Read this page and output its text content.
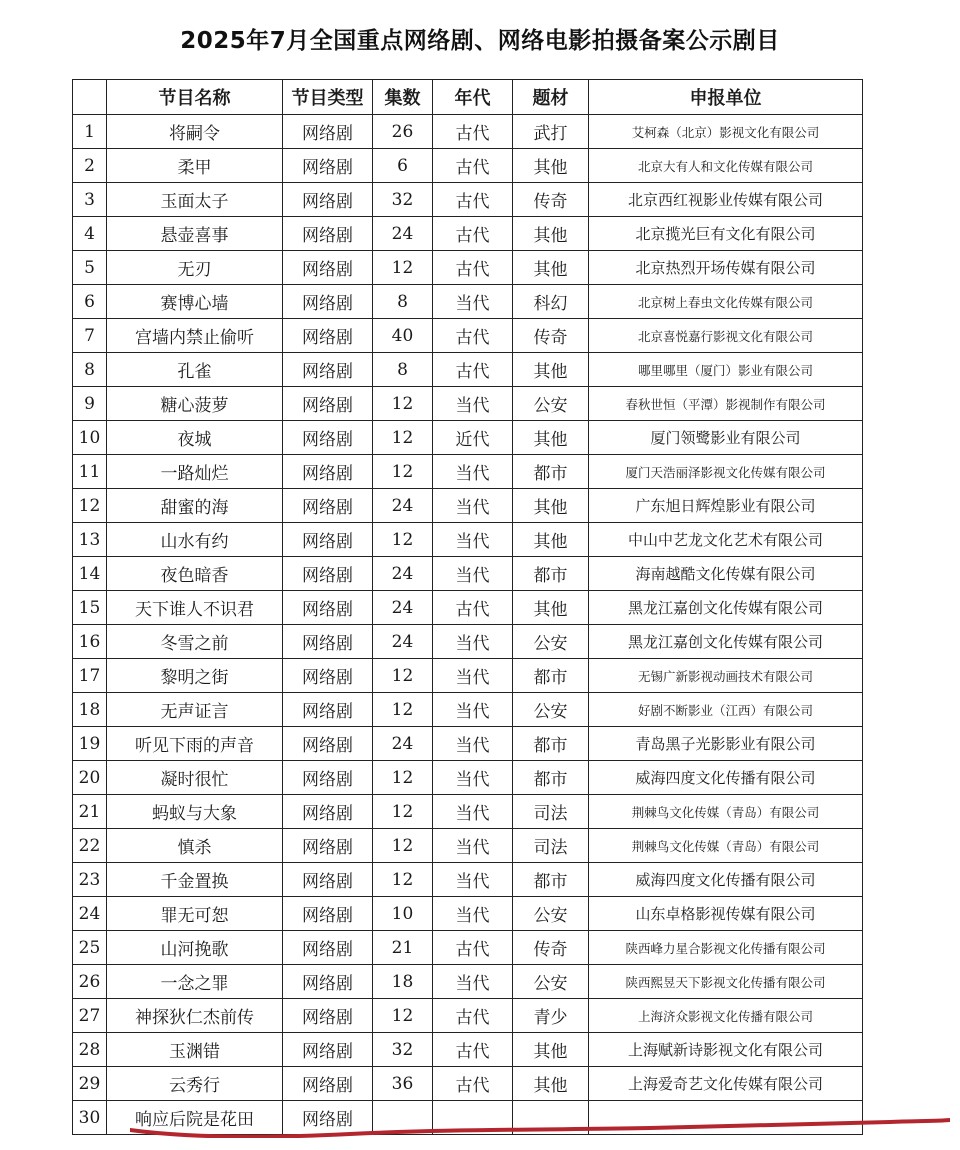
2025年7月全国重点网络剧、网络电影拍摄备案公示剧目
	节目名称	节目类型	集数	年代	题材	申报单位
1	将嗣令	网络剧	26	古代	武打	艾柯森（北京）影视文化有限公司
2	柔甲	网络剧	6	古代	其他	北京大有人和文化传媒有限公司
3	玉面太子	网络剧	32	古代	传奇	北京西红视影业传媒有限公司
4	悬壶喜事	网络剧	24	古代	其他	北京揽光巨有文化有限公司
5	无刃	网络剧	12	古代	其他	北京热烈开场传媒有限公司
6	赛博心墙	网络剧	8	当代	科幻	北京树上春虫文化传媒有限公司
7	宫墙内禁止偷听	网络剧	40	古代	传奇	北京喜悦嘉行影视文化有限公司
8	孔雀	网络剧	8	古代	其他	哪里哪里（厦门）影业有限公司
9	糖心菠萝	网络剧	12	当代	公安	春秋世恒（平潭）影视制作有限公司
10	夜城	网络剧	12	近代	其他	厦门领鹭影业有限公司
11	一路灿烂	网络剧	12	当代	都市	厦门天浩丽泽影视文化传媒有限公司
12	甜蜜的海	网络剧	24	当代	其他	广东旭日辉煌影业有限公司
13	山水有约	网络剧	12	当代	其他	中山中艺龙文化艺术有限公司
14	夜色暗香	网络剧	24	当代	都市	海南越酷文化传媒有限公司
15	天下谁人不识君	网络剧	24	古代	其他	黑龙江嘉创文化传媒有限公司
16	冬雪之前	网络剧	24	当代	公安	黑龙江嘉创文化传媒有限公司
17	黎明之街	网络剧	12	当代	都市	无锡广新影视动画技术有限公司
18	无声证言	网络剧	12	当代	公安	好剧不断影业（江西）有限公司
19	听见下雨的声音	网络剧	24	当代	都市	青岛黑子光影影业有限公司
20	凝时很忙	网络剧	12	当代	都市	威海四度文化传播有限公司
21	蚂蚁与大象	网络剧	12	当代	司法	荆棘鸟文化传媒（青岛）有限公司
22	慎杀	网络剧	12	当代	司法	荆棘鸟文化传媒（青岛）有限公司
23	千金置换	网络剧	12	当代	都市	威海四度文化传播有限公司
24	罪无可恕	网络剧	10	当代	公安	山东卓格影视传媒有限公司
25	山河挽歌	网络剧	21	古代	传奇	陕西峰力星合影视文化传播有限公司
26	一念之罪	网络剧	18	当代	公安	陕西熙昱天下影视文化传播有限公司
27	神探狄仁杰前传	网络剧	12	古代	青少	上海济众影视文化传播有限公司
28	玉渊错	网络剧	32	古代	其他	上海赋新诗影视文化有限公司
29	云秀行	网络剧	36	古代	其他	上海爱奇艺文化传媒有限公司
30	响应后院是花田	网络剧				
